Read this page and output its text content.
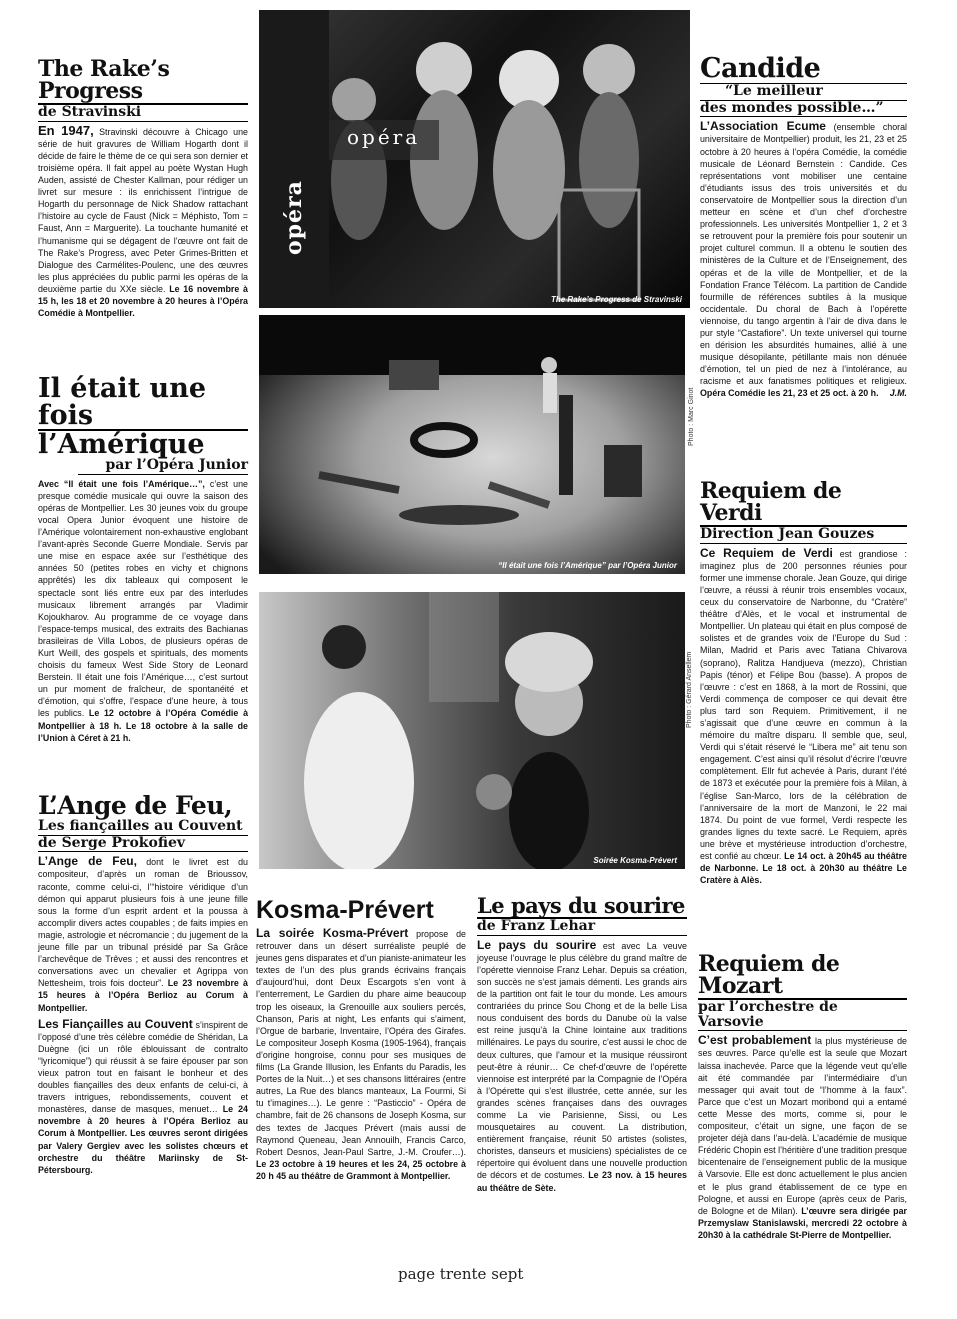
The Rake’s Progress
de Stravinski

En 1947, Stravinski découvre à Chicago une série de huit gravures de William Hogarth dont il décide de faire le thème de ce qui sera son dernier et troisième opéra. Il fait appel au poète Wystan Hugh Auden, assisté de Chester Kallman, pour rédiger un livret sur mesure : ils enrichissent l’intrigue de Hogarth du personnage de Nick Shadow rattachant l’histoire au cycle de Faust (Nick = Méphisto, Tom = Faust, Ann = Marguerite). La touchante humanité et l’humanisme qui se dégagent de l’œuvre ont fait de The Rake’s Progress, avec Peter Grimes-Britten et Dialogue des Carmélites-Poulenc, une des œuvres les plus appréciées du public parmi les opéras de la deuxième partie du XXe siècle. Le 16 novembre à 15 h, les 18 et 20 novembre à 20 heures à l’Opéra Comédie à Montpellier.

Il était une fois
l’Amérique
par l’Opéra Junior

Avec “Il était une fois l’Amérique…”, c’est une presque comédie musicale qui ouvre la saison des opéras de Montpellier. Les 30 jeunes voix du groupe vocal Opera Junior évoquent une histoire de l’Amérique volontairement non-exhaustive englobant l’avant-après Seconde Guerre Mondiale. Servis par une mise en espace axée sur l’esthétique des années 50 (petites robes en vichy et chignons apprêtés) les dix tableaux qui composent le spectacle sont liés entre eux par des interludes musicaux librement arrangés par Vladimir Kojoukharov. Au programme de ce voyage dans l’espace-temps musical, des extraits des Bachianas brasileiras de Villa Lobos, de plusieurs opéras de Kurt Weill, des gospels et spirituals, des moments choisis du fameux West Side Story de Leonard Berstein. Il était une fois l’Amérique…, c’est surtout un pur moment de fraîcheur, de spontanéité et d’émotion, qui s’offre, l’espace d’une heure, à tous les publics. Le 12 octobre à l’Opéra Comédie à Montpellier à 18 h. Le 18 octobre à la salle de l’Union à Céret à 21 h.

L’Ange de Feu,
Les fiançailles au Couvent
de Serge Prokofiev

L’Ange de Feu, dont le livret est du compositeur, d’après un roman de Brioussov, raconte, comme celui-ci, l’“histoire véridique d’un démon qui apparut plusieurs fois à une jeune fille sous la forme d’un esprit ardent et la poussa à accomplir divers actes coupables ; de faits impies en magie, astrologie et nécromancie ; du jugement de la jeune fille par un tribunal présidé par Sa Grâce l’archevêque de Trêves ; et aussi des rencontres et conversations avec un chevalier et Agrippa von Nettesheim, trois fois docteur”. Le 23 novembre à 15 heures à l’Opéra Berlioz au Corum à Montpellier.

Les Fiançailles au Couvent s’inspirent de l’opposé d’une très célèbre comédie de Shéridan, La Duègne (ici un rôle éblouissant de contralto “lyricomique”) qui réussit à se faire épouser par son vieux patron tout en faisant le bonheur et des doubles fiançailles des deux enfants de celui-ci, à travers intrigues, rebondissements, couvent et monastères, danse de masques, menuet… Le 24 novembre à 20 heures à l’Opéra Berlioz au Corum à Montpellier. Les œuvres seront dirigées par Valery Gergiev avec les solistes chœurs et orchestre du théâtre Mariinsky de St-Pétersbourg.

opéra
opéra
The Rake’s Progress de Stravinski
“Il était une fois l’Amérique” par l’Opéra Junior
Photo : Marc Ginot
Soirée Kosma-Prévert
Photo : Gérard Ansellem
Kosma-Prévert

La soirée Kosma-Prévert propose de retrouver dans un désert surréaliste peuplé de jeunes gens disparates et d’un pianiste-animateur les textes de l’un des plus grands écrivains français d’aujourd’hui, dont Deux Escargots s’en vont à l’enterrement, Le Gardien du phare aime beaucoup trop les oiseaux, la Grenouille aux souliers percés, Chanson, Paris at night, Les enfants qui s’aiment, l’Orgue de barbarie, Inventaire, l’Opéra des Girafes. Le compositeur Joseph Kosma (1905-1964), français d’origine hongroise, connu pour ses musiques de films (La Grande Illusion, les Enfants du Paradis, les Portes de la Nuit…) et ses chansons littéraires (entre autres, La Rue des blancs manteaux, La Fourmi, Si tu t’imagines…). Le genre : “Pasticcio” - Opéra de chambre, fait de 26 chansons de Joseph Kosma, sur des textes de Jacques Prévert (mais aussi de Raymond Queneau, Jean Annouilh, Francis Carco, Robert Desnos, Jean-Paul Sartre, J.-M. Croufer…). Le 23 octobre à 19 heures et les 24, 25 octobre à 20 h 45 au théâtre de Grammont à Montpellier.

Le pays du sourire
de Franz Lehar

Le pays du sourire est avec La veuve joyeuse l’ouvrage le plus célèbre du grand maître de l’opérette viennoise Franz Lehar. Depuis sa création, son succès ne s’est jamais démenti. Les grands airs de la partition ont fait le tour du monde. Les amours contrariées du prince Sou Chong et de la belle Lisa nous conduisent des bords du Danube où la valse est reine jusqu’à la Chine lointaine aux traditions millénaires. Le pays du sourire, c’est aussi le choc de deux cultures, que l’amour et la musique réussiront peut-être à réunir… Ce chef-d’œuvre de l’opérette viennoise est interprété par la Compagnie de l’Opéra à l’Opérette qui s’est illustrée, cette année, sur les grandes scènes françaises dans des ouvrages comme La vie Parisienne, Sissi, ou Les mousquetaires au couvent. La distribution, entièrement française, réunit 50 artistes (solistes, choristes, danseurs et musiciens) spécialistes de ce répertoire qui évoluent dans une nouvelle production de décors et de costumes. Le 23 nov. à 15 heures au théâtre de Sète.

Candide
“Le meilleur
des mondes possible…”

L’Association Ecume (ensemble choral universitaire de Montpellier) produit, les 21, 23 et 25 octobre à 20 heures à l’opéra Comédie, la comédie musicale de Léonard Bernstein : Candide. Ces représentations vont mobiliser une centaine d’étudiants issus des trois universités et du conservatoire de Montpellier sous la direction d’un metteur en scène et d’un chef d’orchestre professionnels. Les universités Montpellier 1, 2 et 3 se retrouvent pour la première fois pour soutenir un projet culturel commun. Il a obtenu le soutien des ministères de la Culture et de l’Enseignement, des opéras et de la ville de Montpellier, et de la Fondation France Télécom. La partition de Candide fourmille de références subtiles à la musique occidentale. Du choral de Bach à l’opérette viennoise, du tango argentin à l’air de diva dans le pur style “Castafiore”. Un texte universel qui tourne en dérision les absurdités humaines, allié à une musique désopilante, pétillante mais non dénuée d’émotion, tel un pied de nez à l’intolérance, au racisme et aux fanatismes politiques et religieux. Opéra Comédie les 21, 23 et 25 oct. à 20 h. J.M.

Requiem de Verdi
Direction Jean Gouzes

Ce Requiem de Verdi est grandiose : imaginez plus de 200 personnes réunies pour former une immense chorale. Jean Gouze, qui dirige l’œuvre, a réussi à réunir trois ensembles vocaux, ceux du conservatoire de Narbonne, du “Cratère” théâtre d’Alès, et le vocal et instrumental de Montpellier. Un plateau qui était en plus composé de solistes et de grandes voix de l’Europe du Sud : Milan, Madrid et Paris avec Tatiana Chivarova (soprano), Ralitza Handjueva (mezzo), Christian Papis (ténor) et Félipe Bou (basse). A propos de l’œuvre : c’est en 1868, à la mort de Rossini, que Verdi commença de composer ce qui devait être plus tard son Requiem. Primitivement, il ne s’agissait que d’une œuvre en commun à la mémoire du maître disparu. Il semble que, seul, Verdi qui s’était réservé le “Libera me” ait tenu son engagement. C’est ainsi qu’il résolut d’écrire l’œuvre complètement. Ellr fut achevée à Paris, durant l’été de 1873 et exécutée pour la première fois à Milan, à l’église San-Marco, lors de la célébration de l’anniversaire de la mort de Manzoni, le 22 mai 1874. Du point de vue formel, Verdi respecte les grandes lignes du texte sacré. Le Requiem, après une brève et mystérieuse introduction d’orchestre, est confié au chœur. Le 14 oct. à 20h45 au théâtre de Narbonne. Le 18 oct. à 20h30 au théâtre Le Cratère à Alès.

Requiem de Mozart
par l’orchestre de Varsovie

C’est probablement la plus mystérieuse de ses œuvres. Parce qu’elle est la seule que Mozart laissa inachevée. Parce que la légende veut qu’elle ait été commandée par l’intermédiaire d’un messager qui avait tout de “l’homme à la faux”. Parce que c’est un Mozart moribond qui a entamé cette Messe des morts, comme si, pour le compositeur, c’était un signe, une façon de se projeter déjà dans l’au-delà. L’académie de musique Frédéric Chopin est l’héritière d’une tradition presque bicentenaire de l’enseignement public de la musique à Varsovie. Elle est donc actuellement le plus ancien et le plus grand établissement de ce type en Pologne, et aussi en Europe (après ceux de Paris, de Bologne et de Milan). L’œuvre sera dirigée par Przemyslaw Stanislawski, mercredi 22 octobre à 20h30 à la cathédrale St-Pierre de Montpellier.

page trente sept
